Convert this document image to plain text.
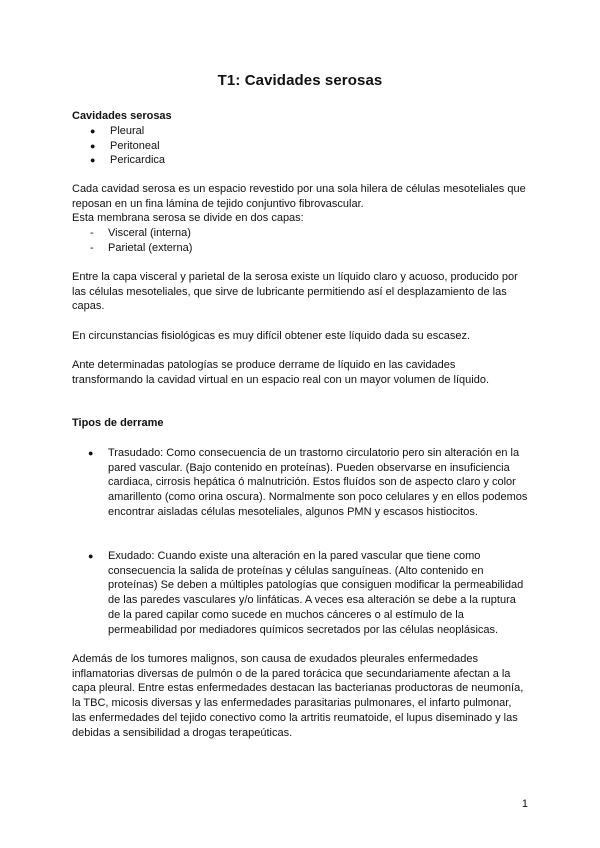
T1: Cavidades serosas
Cavidades serosas
● Pleural
● Peritoneal
● Pericardica
Cada cavidad serosa es un espacio revestido por una sola hilera de células mesoteliales que reposan en un fina lámina de tejido conjuntivo fibrovascular.
Esta membrana serosa se divide en dos capas:
- Visceral (interna)
- Parietal (externa)
Entre la capa visceral y parietal de la serosa existe un líquido claro y acuoso, producido por las células mesoteliales, que sirve de lubricante permitiendo así el desplazamiento de las capas.
En circunstancias fisiológicas es muy difícil obtener este líquido dada su escasez.
Ante determinadas patologías se produce derrame de líquido en las cavidades transformando la cavidad virtual en un espacio real con un mayor volumen de líquido.
Tipos de derrame
● Trasudado: Como consecuencia de un trastorno circulatorio pero sin alteración en la pared vascular. (Bajo contenido en proteínas). Pueden observarse en insuficiencia cardiaca, cirrosis hepática ó malnutrición. Estos fluídos son de aspecto claro y color amarillento (como orina oscura). Normalmente son poco celulares y en ellos podemos encontrar aisladas células mesoteliales, algunos PMN y escasos histiocitos.
● Exudado: Cuando existe una alteración en la pared vascular que tiene como consecuencia la salida de proteínas y células sanguíneas. (Alto contenido en proteínas) Se deben a múltiples patologías que consiguen modificar la permeabilidad de las paredes vasculares y/o linfáticas. A veces esa alteración se debe a la ruptura de la pared capilar como sucede en muchos cánceres o al estímulo de la permeabilidad por mediadores químicos secretados por las células neoplásicas.
Además de los tumores malignos, son causa de exudados pleurales enfermedades inflamatorias diversas de pulmón o de la pared torácica que secundariamente afectan a la capa pleural. Entre estas enfermedades destacan las bacterianas productoras de neumonía, la TBC, micosis diversas y las enfermedades parasitarias pulmonares, el infarto pulmonar, las enfermedades del tejido conectivo como la artritis reumatoide, el lupus diseminado y las debidas a sensibilidad a drogas terapeúticas.
1
